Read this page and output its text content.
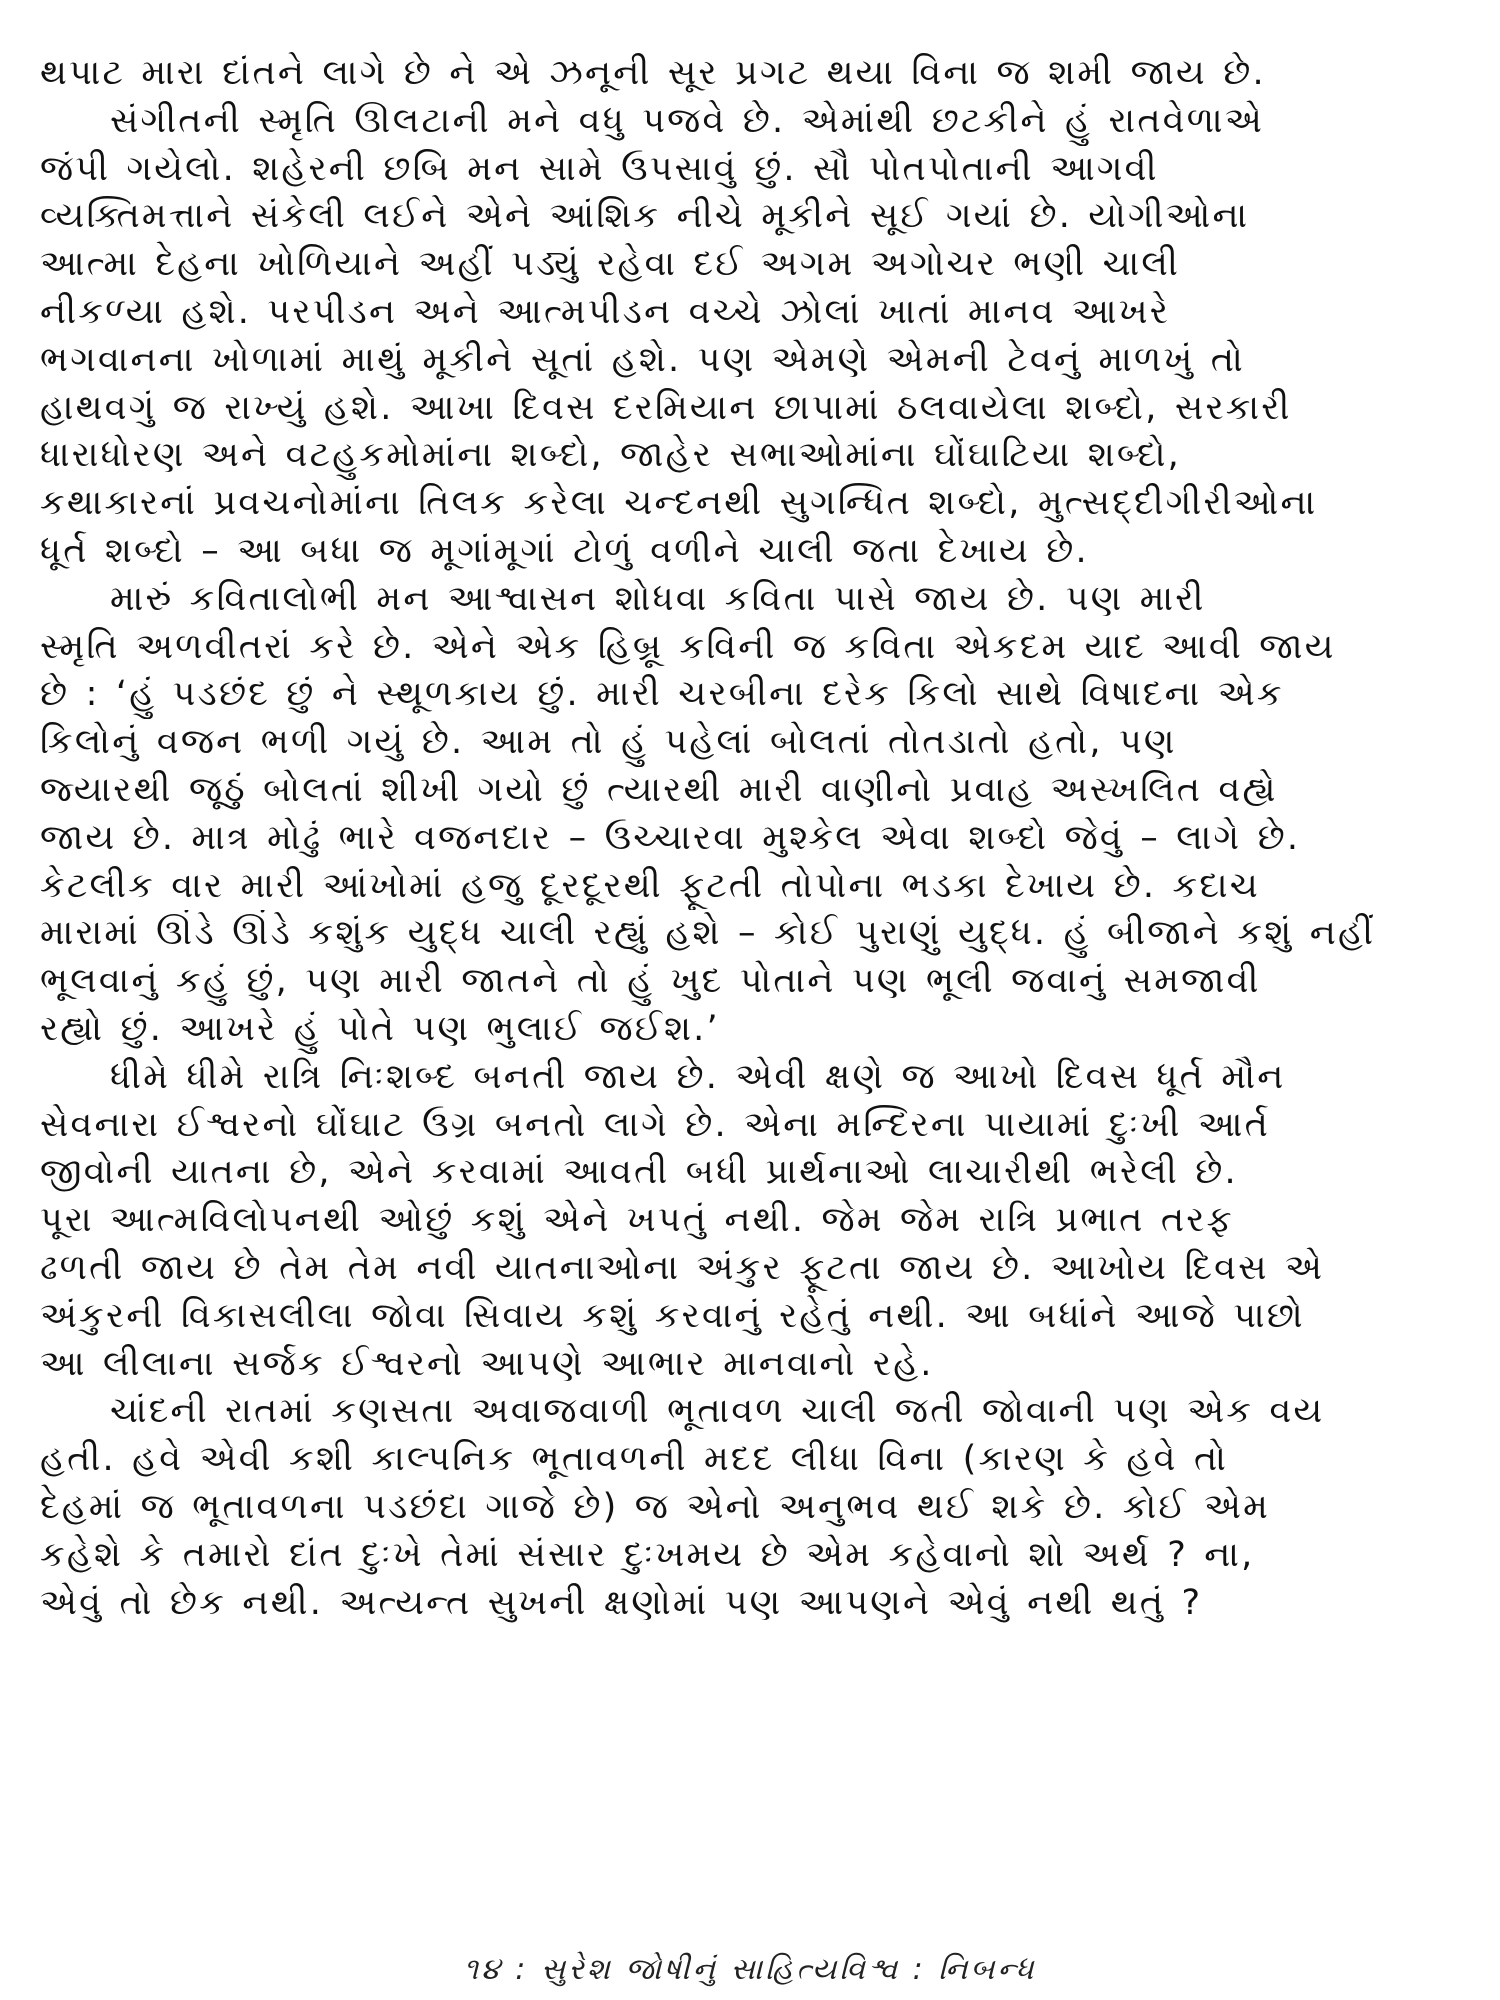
થપાટ મારા દાંતને લાગે છે ને એ ઝનૂની સૂર પ્રગટ થયા વિના જ શમી જાય છે.
સંગીતની સ્મૃતિ ઊલટાની મને વધુ પજવે છે. એમાંથી છટકીને હું રાતવેળાએ
જંપી ગયેલો. શહેરની છબિ મન સામે ઉપસાવું છું. સૌ પોતપોતાની આગવી
વ્યક્તિમત્તાને સંકેલી લઈને એને આંશિક નીચે મૂકીને સૂઈ ગયાં છે. યોગીઓના
આત્મા દેહના ખોળિયાને અહીં પડ્યું રહેવા દઈ અગમ અગોચર ભણી ચાલી
નીકળ્યા હશે. પરપીડન અને આત્મપીડન વચ્ચે ઝોલાં ખાતાં માનવ આખરે
ભગવાનના ખોળામાં માથું મૂકીને સૂતાં હશે. પણ એમણે એમની ટેવનું માળખું તો
હાથવગું જ રાખ્યું હશે. આખા દિવસ દરમિયાન છાપામાં ઠલવાયેલા શબ્દો, સરકારી
ધારાધોરણ અને વટહુકમોમાંના શબ્દો, જાહેર સભાઓમાંના ઘોંઘાટિયા શબ્દો,
કથાકારનાં પ્રવચનોમાંના તિલક કરેલા ચન્દનથી સુગન્ધિત શબ્દો, મુત્સદ્દીગીરીઓના
ધૂર્ત શબ્દો – આ બધા જ મૂગાંમૂગાં ટોળું વળીને ચાલી જતા દેખાય છે.
મારું કવિતાલોભી મન આશ્વાસન શોધવા કવિતા પાસે જાય છે. પણ મારી
સ્મૃતિ અળવીતરાં કરે છે. એને એક હિબ્રૂ કવિની જ કવિતા એકદમ યાદ આવી જાય
છે : ‘હું પડછંદ છું ને સ્થૂળકાય છું. મારી ચરબીના દરેક કિલો સાથે વિષાદના એક
કિલોનું વજન ભળી ગયું છે. આમ તો હું પહેલાં બોલતાં તોતડાતો હતો, પણ
જ્યારથી જૂઠું બોલતાં શીખી ગયો છું ત્યારથી મારી વાણીનો પ્રવાહ અસ્ખલિત વહ્યે
જાય છે. માત્ર મોઢું ભારે વજનદાર – ઉચ્ચારવા મુશ્કેલ એવા શબ્દો જેવું – લાગે છે.
કેટલીક વાર મારી આંખોમાં હજુ દૂરદૂરથી ફૂટતી તોપોના ભડકા દેખાય છે. કદાચ
મારામાં ઊંડે ઊંડે કશુંક યુદ્ધ ચાલી રહ્યું હશે – કોઈ પુરાણું યુદ્ધ. હું બીજાને કશું નહીં
ભૂલવાનું કહું છું, પણ મારી જાતને તો હું ખુદ પોતાને પણ ભૂલી જવાનું સમજાવી
રહ્યો છું. આખરે હું પોતે પણ ભુલાઈ જઈશ.’
ધીમે ધીમે રાત્રિ નિઃશબ્દ બનતી જાય છે. એવી ક્ષણે જ આખો દિવસ ધૂર્ત મૌન
સેવનારા ઈશ્વરનો ઘોંઘાટ ઉગ્ર બનતો લાગે છે. એના મન્દિરના પાયામાં દુઃખી આર્ત
જીવોની યાતના છે, એને કરવામાં આવતી બધી પ્રાર્થનાઓ લાચારીથી ભરેલી છે.
પૂરા આત્મવિલોપનથી ઓછું કશું એને ખપતું નથી. જેમ જેમ રાત્રિ પ્રભાત તરફ
ઢળતી જાય છે તેમ તેમ નવી યાતનાઓના અંકુર ફૂટતા જાય છે. આખોય દિવસ એ
અંકુરની વિકાસલીલા જોવા સિવાય કશું કરવાનું રહેતું નથી. આ બધાંને આજે પાછો
આ લીલાના સર્જક ઈશ્વરનો આપણે આભાર માનવાનો રહે.
ચાંદની રાતમાં કણસતા અવાજવાળી ભૂતાવળ ચાલી જતી જોવાની પણ એક વય
હતી. હવે એવી કશી કાલ્પનિક ભૂતાવળની મદદ લીધા વિના (કારણ કે હવે તો
દેહમાં જ ભૂતાવળના પડછંદા ગાજે છે) જ એનો અનુભવ થઈ શકે છે. કોઈ એમ
કહેશે કે તમારો દાંત દુઃખે તેમાં સંસાર દુઃખમય છે એમ કહેવાનો શો અર્થ ? ના,
એવું તો છેક નથી. અત્યન્ત સુખની ક્ષણોમાં પણ આપણને એવું નથી થતું ?
૧૪ : સુરેશ જોષીનું સાહિત્યવિશ્વ : નિબન્ધ
